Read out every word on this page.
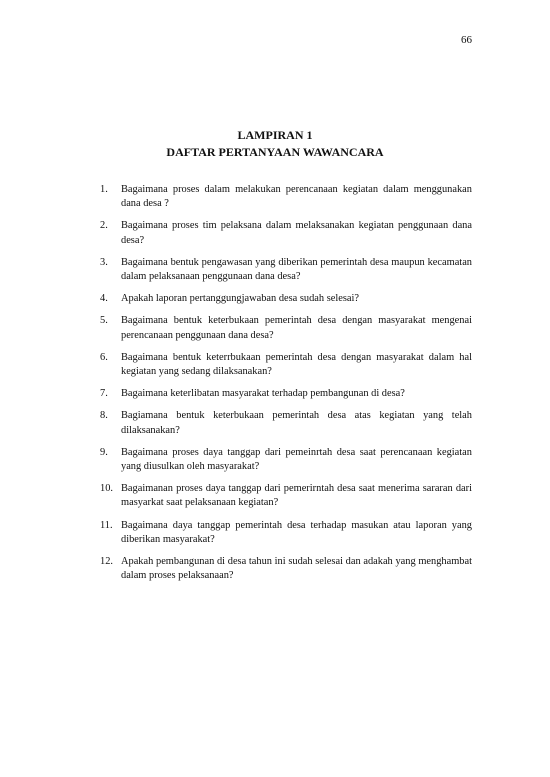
66
LAMPIRAN 1
DAFTAR PERTANYAAN WAWANCARA
1.	Bagaimana proses dalam melakukan perencanaan kegiatan dalam menggunakan dana desa ?
2.	Bagaimana proses tim pelaksana dalam melaksanakan kegiatan penggunaan dana desa?
3.	Bagaimana bentuk pengawasan yang diberikan pemerintah desa maupun kecamatan dalam pelaksanaan penggunaan dana desa?
4.	Apakah laporan pertanggungjawaban desa sudah selesai?
5.	Bagaimana bentuk keterbukaan pemerintah desa dengan masyarakat mengenai perencanaan penggunaan dana desa?
6.	Bagaimana bentuk keterrbukaan pemerintah desa dengan masyarakat dalam hal kegiatan yang sedang dilaksanakan?
7.	Bagaimana keterlibatan masyarakat terhadap pembangunan di desa?
8.	Bagiamana bentuk keterbukaan pemerintah desa atas kegiatan yang telah dilaksanakan?
9.	Bagaimana proses daya tanggap dari pemeinrtah desa saat perencanaan kegiatan yang diusulkan oleh masyarakat?
10. Bagaimanan proses daya tanggap dari pemerirntah desa saat menerima sararan dari masyarkat saat pelaksanaan kegiatan?
11. Bagaimana daya tanggap pemerintah desa terhadap masukan atau laporan yang diberikan masyarakat?
12. Apakah pembangunan di desa tahun ini sudah selesai dan adakah yang menghambat dalam proses pelaksanaan?
